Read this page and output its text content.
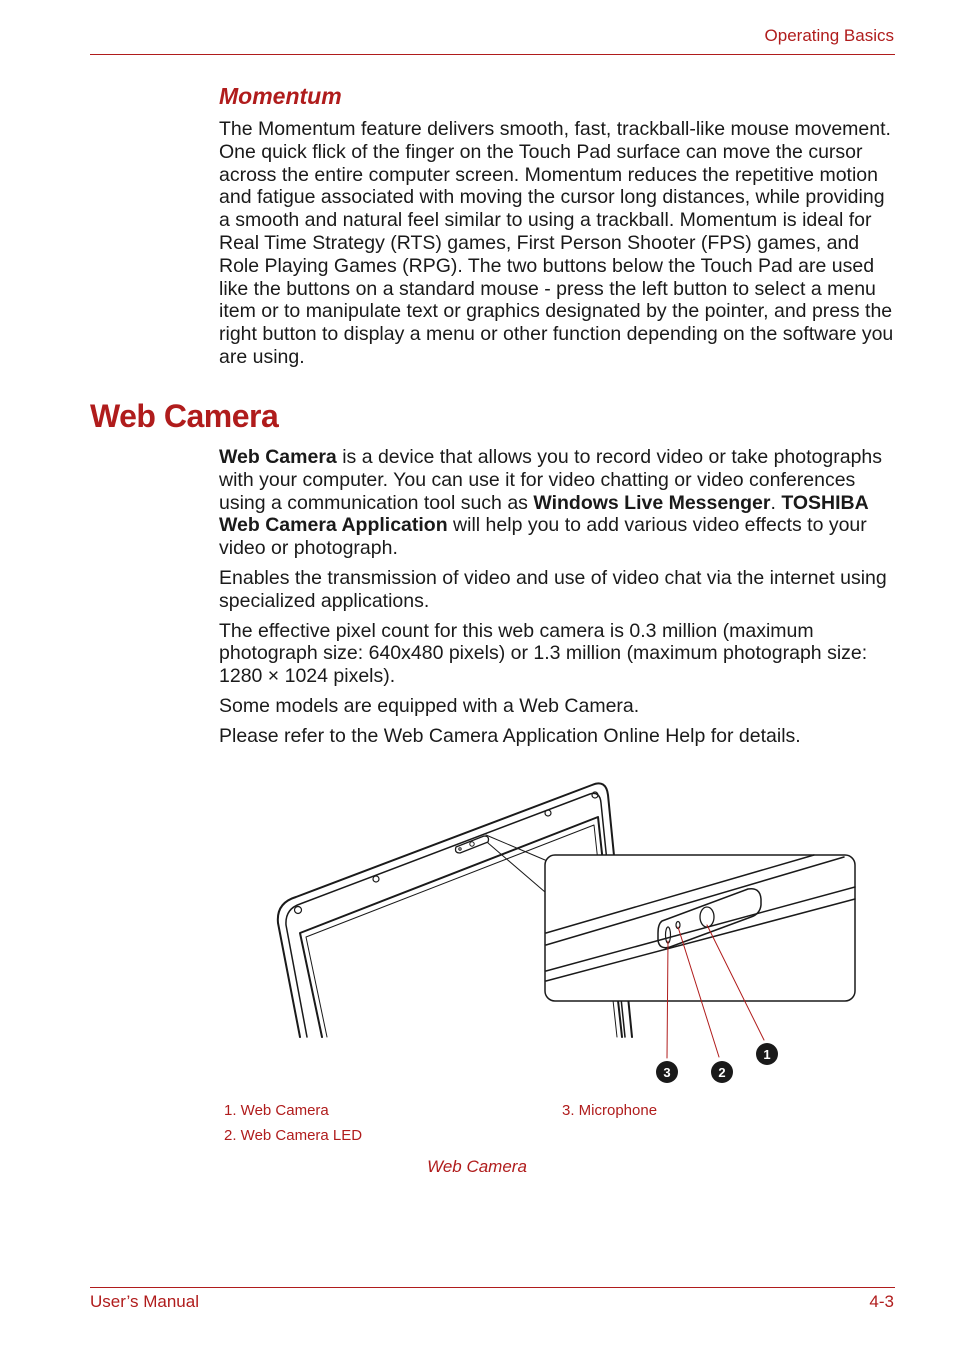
Operating Basics
Momentum

The Momentum feature delivers smooth, fast, trackball-like mouse movement. One quick flick of the finger on the Touch Pad surface can move the cursor across the entire computer screen. Momentum reduces the repetitive motion and fatigue associated with moving the cursor long distances, while providing a smooth and natural feel similar to using a trackball. Momentum is ideal for Real Time Strategy (RTS) games, First Person Shooter (FPS) games, and Role Playing Games (RPG). The two buttons below the Touch Pad are used like the buttons on a standard mouse - press the left button to select a menu item or to manipulate text or graphics designated by the pointer, and press the right button to display a menu or other function depending on the software you are using.

Web Camera

Web Camera is a device that allows you to record video or take photographs with your computer. You can use it for video chatting or video conferences using a communication tool such as Windows Live Messenger. TOSHIBA Web Camera Application will help you to add various video effects to your video or photograph.

Enables the transmission of video and use of video chat via the internet using specialized applications.

The effective pixel count for this web camera is 0.3 million (maximum photograph size: 640x480 pixels) or 1.3 million (maximum photograph size: 1280 × 1024 pixels).

Some models are equipped with a Web Camera.

Please refer to the Web Camera Application Online Help for details.

1
2
3
1. Web Camera
2. Web Camera LED
3. Microphone
Web Camera
User’s Manual	4-3
